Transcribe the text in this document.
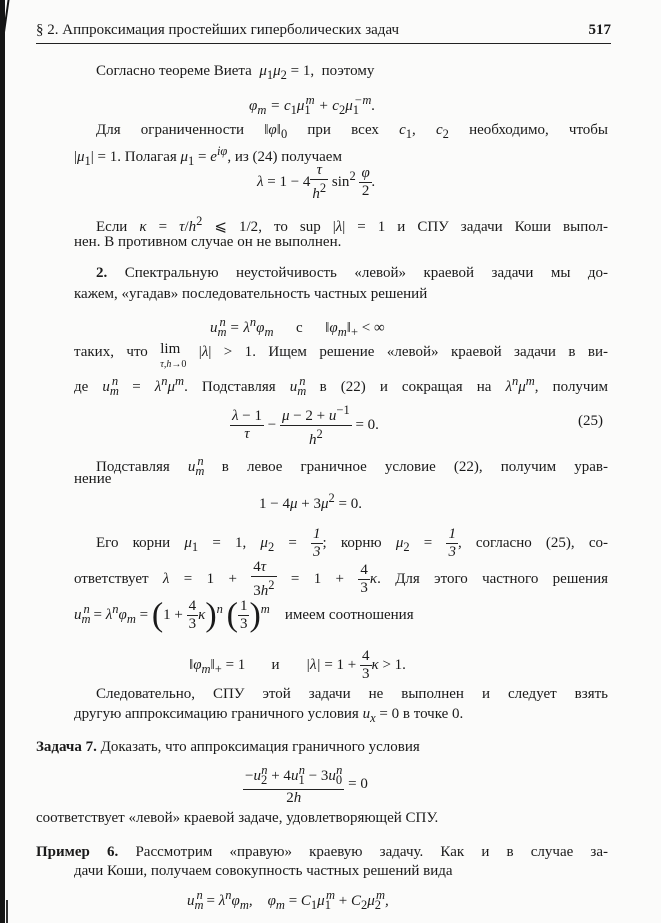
§ 2. Аппроксимация простейших гиперболических задач	517
Согласно теореме Виета  $\mu_1\mu_2 = 1$,  поэтому
$\varphi_m = c_1\mu_1^m + c_2\mu_1^{-m}$.
Для ограниченности $‖\varphi‖_0$ при всех $c_1$, $c_2$ необходимо, чтобы
$|\mu_1| = 1$. Полагая $\mu_1 = e^{i\varphi}$, из (24) получаем
$\lambda = 1 - 4 \frac{\tau}{h^2} \sin^2 \frac{\varphi}{2}$ .
Если $\kappa = \tau/h^2$ ⩽ 1/2, то sup |λ| = 1 и СПУ задачи Коши выпол-
нен. В противном случае он не выполнен.
2. Спектральную неустойчивость «левой» краевой задачи мы до-
кажем, «угадав» последовательность частных решений
$u_m^n = \lambda^n\varphi_m$ с      $‖\varphi_m‖_+$ < ∞
таких, что lim
τ,h→0 |λ| > 1. Ищем решение «левой» краевой задачи в ви-
де $u_m^n = \lambda^n\mu^m$. Подставляя $u_m^n$ в (22) и сокращая на $\lambda^n\mu^m$, получим
$\frac{\lambda - 1}{\tau} - \frac{\mu - 2 + u^{-1}}{h^2} = 0$.	(25)
Подставляя $u_m^n$ в левое граничное условие (22), получим урав-
нение
$1 - 4\mu + 3\mu^2 = 0$.
Его корни $\mu_1 = 1$, $\mu_2 = \frac{1}{3}$ ; корню $\mu_2 = \frac{1}{3}$ , согласно (25), со-
ответствует $\lambda = 1 + \frac{4\tau}{3h^2} = 1 + \frac{4}{3} \kappa$. Для этого частного решения
$u_m^n = \lambda^n\varphi_m = (1 + \frac{4}{3} \kappa)^n$ ( $\frac{1}{3} )^m$ имеем соотношения
$‖\varphi_m‖_+ = 1$ и       $|\lambda| = 1 + \frac{4}{3}$ κ > 1.
Следовательно, СПУ этой задачи не выполнен и следует взять
другую аппроксимацию граничного условия $u_x = 0$ в точке 0.
Задача 7. Доказать, что аппроксимация граничного условия
$\frac{-u_2^n + 4u_1^n - 3u_0^n}{2h} = 0$
соответствует «левой» краевой задаче, удовлетворяющей СПУ.
Пример 6. Рассмотрим «правую» краевую задачу. Как и в случае за-
дачи Коши, получаем совокупность частных решений вида
$u_m^n = \lambda^n\varphi_m$,    $\varphi_m = C_1\mu_1^m + C_2\mu_2^m$,
